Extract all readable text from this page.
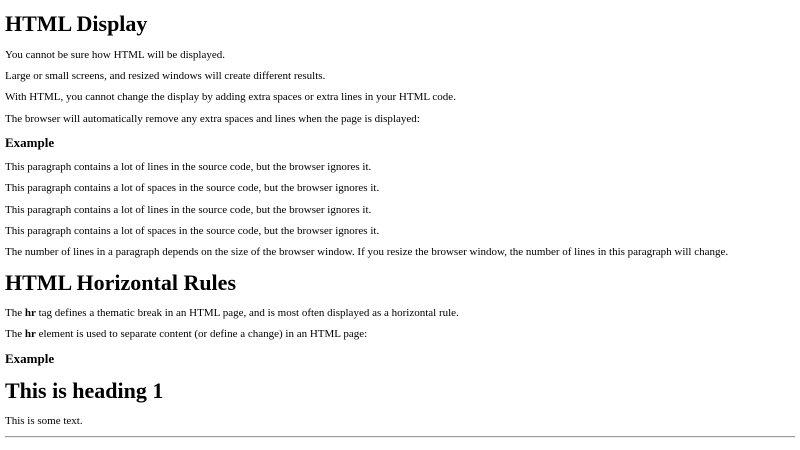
HTML Display

You cannot be sure how HTML will be displayed.

Large or small screens, and resized windows will create different results.

With HTML, you cannot change the display by adding extra spaces or extra lines in your HTML code.

The browser will automatically remove any extra spaces and lines when the page is displayed:

Example

This paragraph contains a lot of lines in the source code, but the browser ignores it.

This paragraph contains a lot of spaces in the source code, but the browser ignores it.

This paragraph contains a lot of lines in the source code, but the browser ignores it.

This paragraph contains a lot of spaces in the source code, but the browser ignores it.

The number of lines in a paragraph depends on the size of the browser window. If you resize the browser window, the number of lines in this paragraph will change.

HTML Horizontal Rules

The hr tag defines a thematic break in an HTML page, and is most often displayed as a horizontal rule.

The hr element is used to separate content (or define a change) in an HTML page:

Example
This is heading 1

This is some text.
